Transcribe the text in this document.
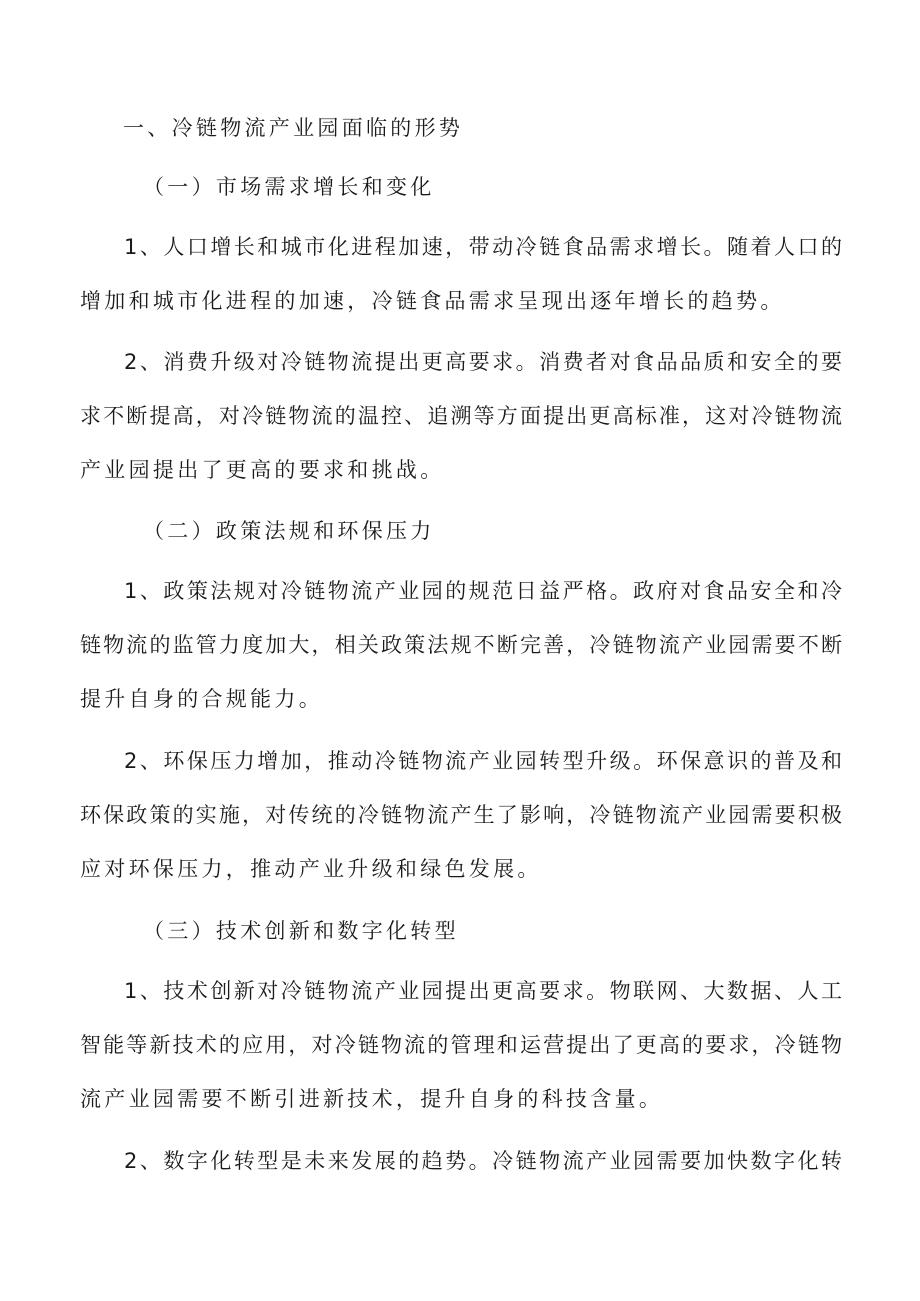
一、冷链物流产业园面临的形势
（一）市场需求增长和变化
1、人口增长和城市化进程加速，带动冷链食品需求增长。随着人口的
增加和城市化进程的加速，冷链食品需求呈现出逐年增长的趋势。
2、消费升级对冷链物流提出更高要求。消费者对食品品质和安全的要
求不断提高，对冷链物流的温控、追溯等方面提出更高标准，这对冷链物流
产业园提出了更高的要求和挑战。
（二）政策法规和环保压力
1、政策法规对冷链物流产业园的规范日益严格。政府对食品安全和冷
链物流的监管力度加大，相关政策法规不断完善，冷链物流产业园需要不断
提升自身的合规能力。
2、环保压力增加，推动冷链物流产业园转型升级。环保意识的普及和
环保政策的实施，对传统的冷链物流产生了影响，冷链物流产业园需要积极
应对环保压力，推动产业升级和绿色发展。
（三）技术创新和数字化转型
1、技术创新对冷链物流产业园提出更高要求。物联网、大数据、人工
智能等新技术的应用，对冷链物流的管理和运营提出了更高的要求，冷链物
流产业园需要不断引进新技术，提升自身的科技含量。
2、数字化转型是未来发展的趋势。冷链物流产业园需要加快数字化转
